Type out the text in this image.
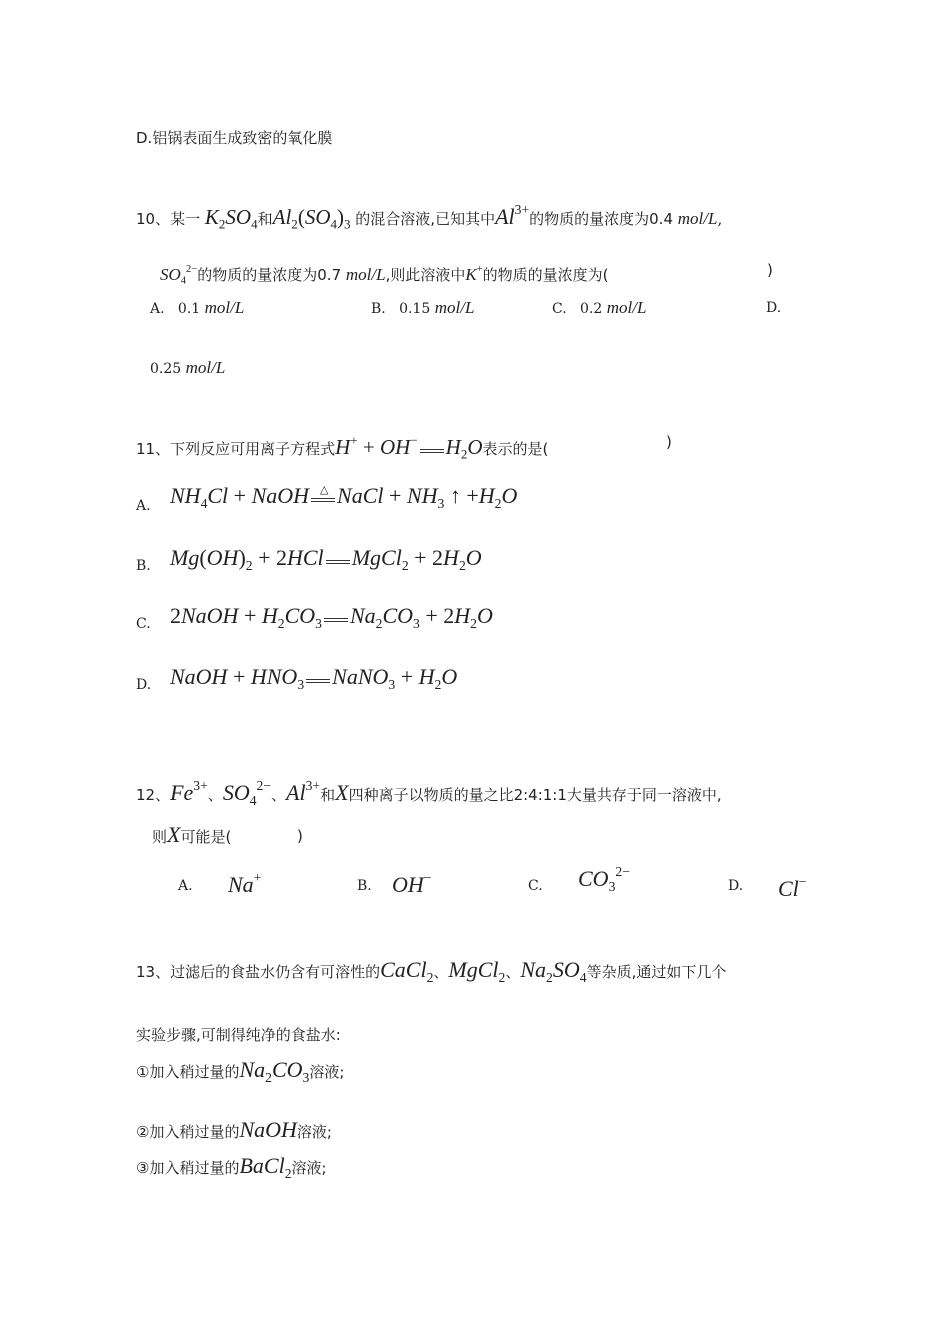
D.铝锅表面生成致密的氧化膜
10、某一 $K_2SO_4$和$Al_2(SO_4)_3$ 的混合溶液,已知其中$Al^{3+}$的物质的量浓度为0.4 mol/L,
$SO_4^{2-}$的物质的量浓度为0.7 mol/L,则此溶液中K+的物质的量浓度为(	)
A. 0.1 mol/L	B. 0.15 mol/L	C. 0.2 mol/L	D.
0.25 mol/L
11、下列反应可用离子方程式H+ + OH− $H_2O$表示的是(	)
A. $NH_4Cl$ + NaOH △ NaCl + $NH_3$ ↑ $+H_2O$
B. $Mg(OH)_2 + 2HCl$ MgCl$_2$ + $2H_2O$
C. 2NaOH + $H_2CO_3$ $Na_2CO_3 + 2H_2O$
D. NaOH + $HNO_3$ NaNO$_3$ + $H_2O$
12、$Fe^{3+}$、$SO_4^{2-}$、$Al^{3+}$和X四种离子以物质的量之比2:4:1:1大量共存于同一溶液中,
则X可能是(	)
A. Na+
B. OH−
C. $CO_3^{2-}$
D. Cl−
13、过滤后的食盐水仍含有可溶性的CaCl$_2$、MgCl$_2$、$Na_2SO_4$等杂质,通过如下几个
实验步骤,可制得纯净的食盐水:
①加入稍过量的$Na_2CO_3$溶液;
②加入稍过量的NaOH溶液;
③加入稍过量的BaCl$_2$溶液;
